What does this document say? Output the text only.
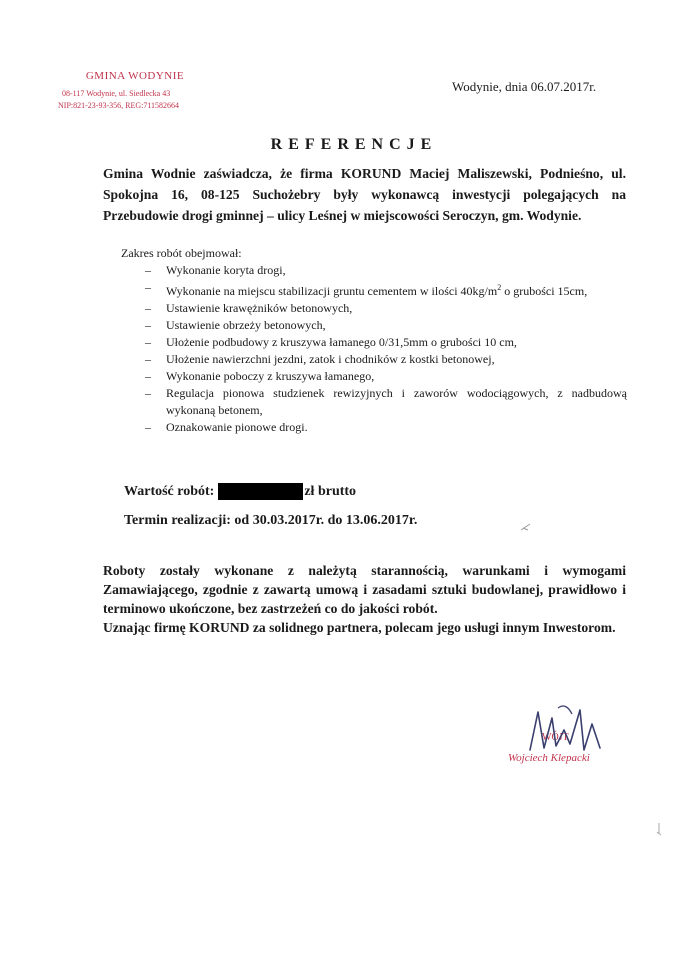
GMINA WODYNIE
08-117 Wodynie, ul. Siedlecka 43
NIP:821-23-93-356, REG:711582664
Wodynie, dnia 06.07.2017r.
REFERENCJE
Gmina Wodnie zaświadcza, że firma KORUND Maciej Maliszewski, Podnieśno, ul. Spokojna 16, 08-125 Suchożebry były wykonawcą inwestycji polegających na Przebudowie drogi gminnej – ulicy Leśnej w miejscowości Seroczyn, gm. Wodynie.
Zakres robót obejmował:
– Wykonanie koryta drogi,
– Wykonanie na miejscu stabilizacji gruntu cementem w ilości $40kg/m^2$ o grubości 15cm,
– Ustawienie krawężników betonowych,
– Ustawienie obrzeży betonowych,
– Ułożenie podbudowy z kruszywa łamanego 0/31,5mm o grubości 10 cm,
– Ułożenie nawierzchni jezdni, zatok i chodników z kostki betonowej,
– Wykonanie poboczy z kruszywa łamanego,
– Regulacja pionowa studzienek rewizyjnych i zaworów wodociągowych, z nadbudową wykonaną betonem,
– Oznakowanie pionowe drogi.
Wartość robót:	zł brutto
Termin realizacji: od 30.03.2017r. do 13.06.2017r.

Roboty zostały wykonane z należytą starannością, warunkami i wymogami Zamawiającego, zgodnie z zawartą umową i zasadami sztuki budowlanej, prawidłowo i terminowo ukończone, bez zastrzeżeń co do jakości robót.

Uznając firmę KORUND za solidnego partnera, polecam jego usługi innym Inwestorom.

WÓJT
Wojciech Klepacki
